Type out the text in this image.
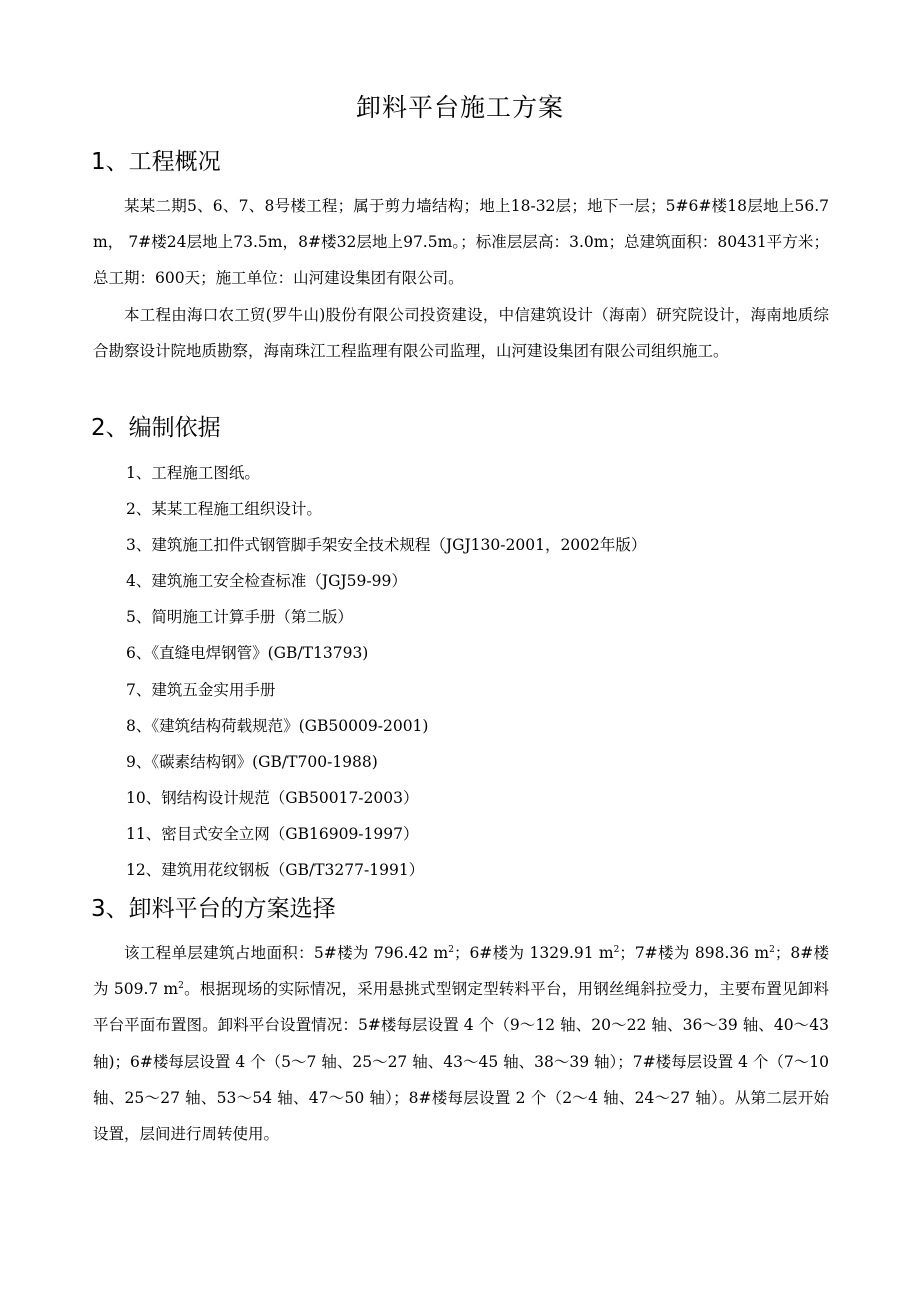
卸料平台施工方案
1、工程概况

某某二期5、6、7、8号楼工程；属于剪力墙结构；地上18-32层；地下一层；5#6#楼18层地上56.7m， 7#楼24层地上73.5m，8#楼32层地上97.5m。；标准层层高：3.0m；总建筑面积：80431平方米；总工期：600天；施工单位：山河建设集团有限公司。

本工程由海口农工贸(罗牛山)股份有限公司投资建设，中信建筑设计（海南）研究院设计，海南地质综合勘察设计院地质勘察，海南珠江工程监理有限公司监理，山河建设集团有限公司组织施工。

2、编制依据
1、工程施工图纸。
2、某某工程施工组织设计。
3、建筑施工扣件式钢管脚手架安全技术规程（JGJ130-2001，2002年版）
4、建筑施工安全检查标准（JGJ59-99）
5、简明施工计算手册（第二版）
6、《直缝电焊钢管》(GB/T13793)
7、建筑五金实用手册
8、《建筑结构荷载规范》(GB50009-2001)
9、《碳素结构钢》(GB/T700-1988)
10、钢结构设计规范（GB50017-2003）
11、密目式安全立网（GB16909-1997）
12、建筑用花纹钢板（GB/T3277-1991）
3、卸料平台的方案选择

该工程单层建筑占地面积：5#楼为 796.42 $m^2$；6#楼为 1329.91 $m^2$；7#楼为 898.36 $m^2$；8#楼为 509.7 $m^2$。根据现场的实际情况，采用悬挑式型钢定型转料平台，用钢丝绳斜拉受力，主要布置见卸料平台平面布置图。卸料平台设置情况：5#楼每层设置 4 个（9～12 轴、20～22 轴、36～39 轴、40～43 轴)；6#楼每层设置 4 个（5～7 轴、25～27 轴、43～45 轴、38～39 轴）；7#楼每层设置 4 个（7～10 轴、25～27 轴、53～54 轴、47～50 轴）；8#楼每层设置 2 个（2～4 轴、24～27 轴）。从第二层开始设置，层间进行周转使用。
